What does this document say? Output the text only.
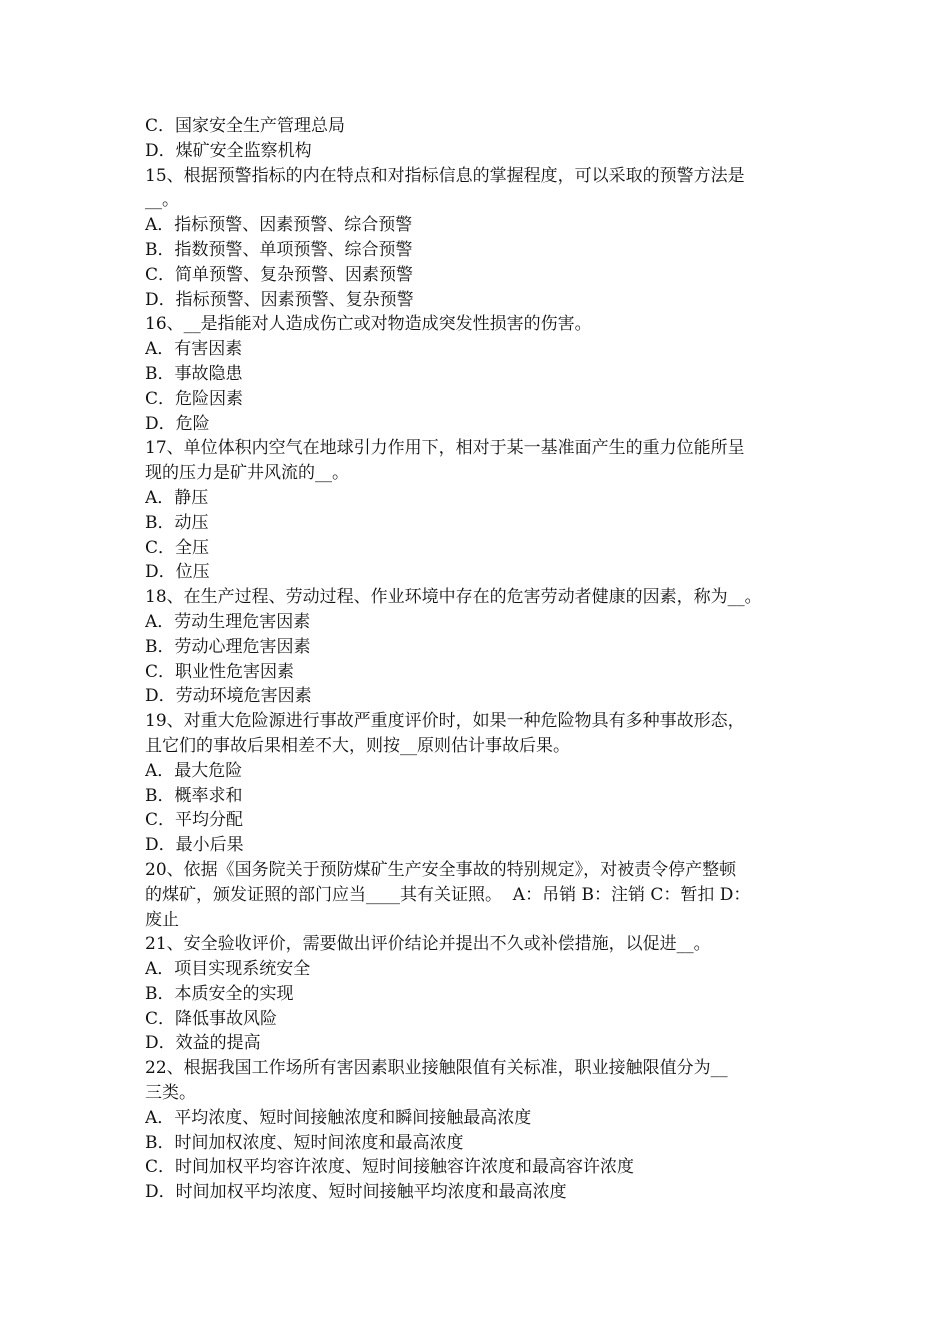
C．国家安全生产管理总局
D．煤矿安全监察机构
15、根据预警指标的内在特点和对指标信息的掌握程度，可以采取的预警方法是
__。
A．指标预警、因素预警、综合预警
B．指数预警、单项预警、综合预警
C．简单预警、复杂预警、因素预警
D．指标预警、因素预警、复杂预警
16、__是指能对人造成伤亡或对物造成突发性损害的伤害。
A．有害因素
B．事故隐患
C．危险因素
D．危险
17、单位体积内空气在地球引力作用下，相对于某一基准面产生的重力位能所呈
现的压力是矿井风流的__。
A．静压
B．动压
C．全压
D．位压
18、在生产过程、劳动过程、作业环境中存在的危害劳动者健康的因素，称为__。
A．劳动生理危害因素
B．劳动心理危害因素
C．职业性危害因素
D．劳动环境危害因素
19、对重大危险源进行事故严重度评价时，如果一种危险物具有多种事故形态，
且它们的事故后果相差不大，则按__原则估计事故后果。
A．最大危险
B．概率求和
C．平均分配
D．最小后果
20、依据《国务院关于预防煤矿生产安全事故的特别规定》，对被责令停产整顿
的煤矿，颁发证照的部门应当____其有关证照。  A：吊销 B：注销 C：暂扣 D：
废止
21、安全验收评价，需要做出评价结论并提出不久或补偿措施，以促进__。
A．项目实现系统安全
B．本质安全的实现
C．降低事故风险
D．效益的提高
22、根据我国工作场所有害因素职业接触限值有关标准，职业接触限值分为__
三类。
A．平均浓度、短时间接触浓度和瞬间接触最高浓度
B．时间加权浓度、短时间浓度和最高浓度
C．时间加权平均容许浓度、短时间接触容许浓度和最高容许浓度
D．时间加权平均浓度、短时间接触平均浓度和最高浓度
